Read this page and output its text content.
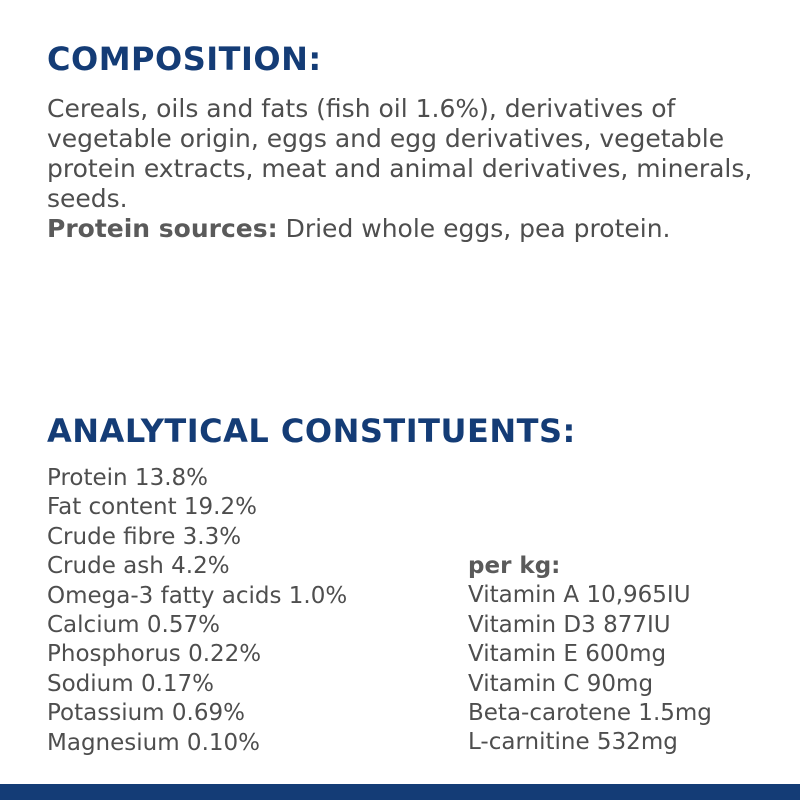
COMPOSITION:

Cereals, oils and fats (fish oil 1.6%), derivatives of vegetable origin, eggs and egg derivatives, vegetable protein extracts, meat and animal derivatives, minerals, seeds.

Protein sources: Dried whole eggs, pea protein.

ANALYTICAL CONSTITUENTS:
Protein 13.8%
Fat content 19.2%
Crude fibre 3.3%
Crude ash 4.2%
Omega-3 fatty acids 1.0%
Calcium 0.57%
Phosphorus 0.22%
Sodium 0.17%
Potassium 0.69%
Magnesium 0.10%
per kg:
Vitamin A 10,965IU
Vitamin D3 877IU
Vitamin E 600mg
Vitamin C 90mg
Beta-carotene 1.5mg
L-carnitine 532mg
